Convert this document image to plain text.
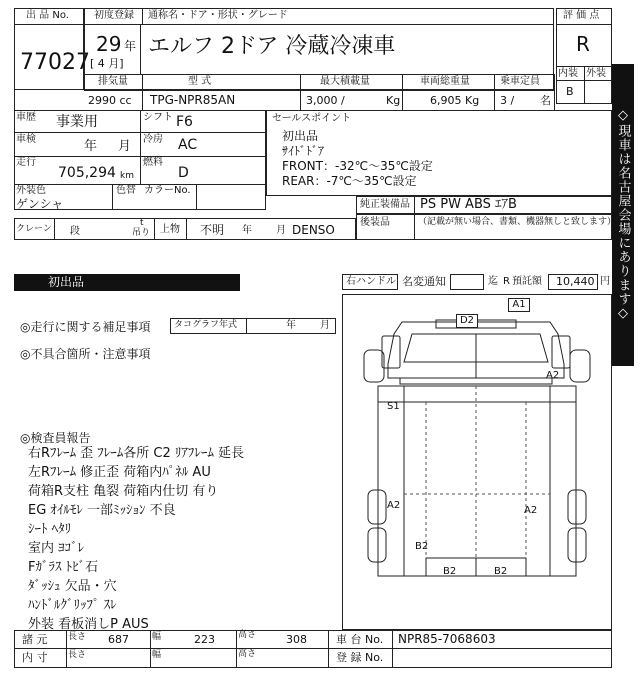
出 品 No.
77027
初度登録 通称名・ドア・形状・グレード
29 年
[ 4 月]
エルフ 2ドア 冷蔵冷凍車
評 価 点
R
内装 外装
B
◇現車は名古屋会場にあります◇
排気量	型 式	最大積載量	車両総重量	乗車定員
2990 cc TPG-NPR85AN	3,000 /	Kg	6,905 Kg 3 / 名
車歴 事業用
車検	年 月
走行
705,294 km
外装色
ゲンシャ
色替 カラーNo.
シフト F6
冷房 AC
燃料
D
セールスポイント
初出品
ｻｲﾄﾞﾄﾞｱ
FRONT：-32℃～35℃設定
REAR：-7℃～35℃設定
純正装備品 PS PW ABS ｴｱB
後装品	（記載が無い場合、書類、機器無しと致します）
クレーン 段
t
吊り 上物 不明 年 月 DENSO
初出品	右ハンドル 名変通知	迄 R 預託額 10,440 円
◎走行に関する補足事項	タコグラフ年式	年 月
◎不具合箇所・注意事項
◎検査員報告
右Rﾌﾚｰﾑ 歪 ﾌﾚｰﾑ各所 C2 ﾘｱﾌﾚｰﾑ 延長
左Rﾌﾚｰﾑ 修正歪 荷箱内ﾊﾟﾈﾙ AU
荷箱R支柱 亀裂 荷箱内仕切 有り
EG ｵｲﾙﾓﾚ 一部ﾐｯｼｮﾝ 不良
ｼｰﾄ ﾍﾀﾘ
室内 ﾖｺﾞﾚ
Fｶﾞﾗｽ ﾄﾋﾞ石
ﾀﾞｯｼｭ 欠品・穴
ﾊﾝﾄﾞﾙｸﾞﾘｯﾌﾟ ｽﾚ
外装 看板消しP AUS
A1
D2
A2
S1
A2	A2
B2
B2	B2
諸 元 長さ 687	幅	223	高さ	308	車 台 No. NPR85-7068603
内 寸 長さ	幅	高さ	登 録 No.
